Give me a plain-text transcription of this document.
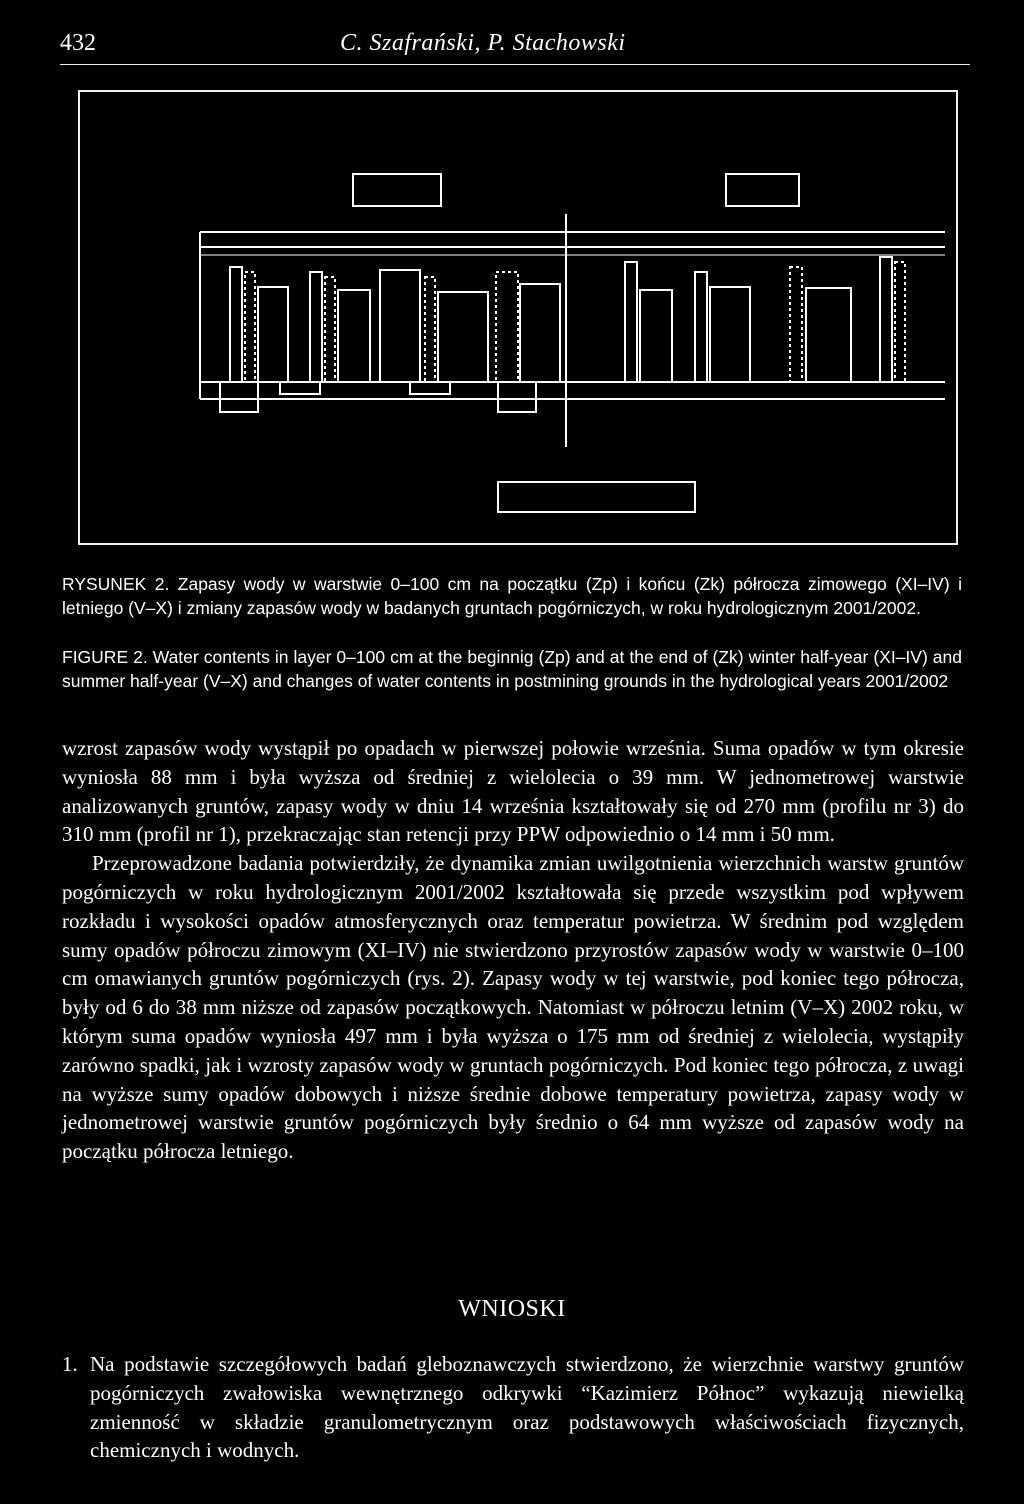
432	C. Szafrański, P. Stachowski
RYSUNEK 2. Zapasy wody w warstwie 0–100 cm na początku (Zp) i końcu (Zk) półrocza zimowego (XI–IV) i letniego (V–X) i zmiany zapasów wody w badanych gruntach pogórniczych, w roku hydrologicznym 2001/2002.
FIGURE 2. Water contents in layer 0–100 cm at the beginnig (Zp) and at the end of (Zk) winter half-year (XI–IV) and summer half-year (V–X) and changes of water contents in postmining grounds in the hydrological years 2001/2002

wzrost zapasów wody wystąpił po opadach w pierwszej połowie września. Suma opadów w tym okresie wyniosła 88 mm i była wyższa od średniej z wielolecia o 39 mm. W jednometrowej warstwie analizowanych gruntów, zapasy wody w dniu 14 września kształtowały się od 270 mm (profilu nr 3) do 310 mm (profil nr 1), przekraczając stan retencji przy PPW odpowiednio o 14 mm i 50 mm.

Przeprowadzone badania potwierdziły, że dynamika zmian uwilgotnienia wierzchnich warstw gruntów pogórniczych w roku hydrologicznym 2001/2002 kształtowała się przede wszystkim pod wpływem rozkładu i wysokości opadów atmosferycznych oraz temperatur powietrza. W średnim pod względem sumy opadów półroczu zimowym (XI–IV) nie stwierdzono przyrostów zapasów wody w warstwie 0–100 cm omawianych gruntów pogórniczych (rys. 2). Zapasy wody w tej warstwie, pod koniec tego półrocza, były od 6 do 38 mm niższe od zapasów początkowych. Natomiast w półroczu letnim (V–X) 2002 roku, w którym suma opadów wyniosła 497 mm i była wyższa o 175 mm od średniej z wielolecia, wystąpiły zarówno spadki, jak i wzrosty zapasów wody w gruntach pogórniczych. Pod koniec tego półrocza, z uwagi na wyższe sumy opadów dobowych i niższe średnie dobowe temperatury powietrza, zapasy wody w jednometrowej warstwie gruntów pogórniczych były średnio o 64 mm wyższe od zapasów wody na początku półrocza letniego.

WNIOSKI
1. Na podstawie szczegółowych badań gleboznawczych stwierdzono, że wierzchnie warstwy gruntów pogórniczych zwałowiska wewnętrznego odkrywki “Kazimierz Północ” wykazują niewielką zmienność w składzie granulometrycznym oraz podstawowych właściwościach fizycznych, chemicznych i wodnych.
